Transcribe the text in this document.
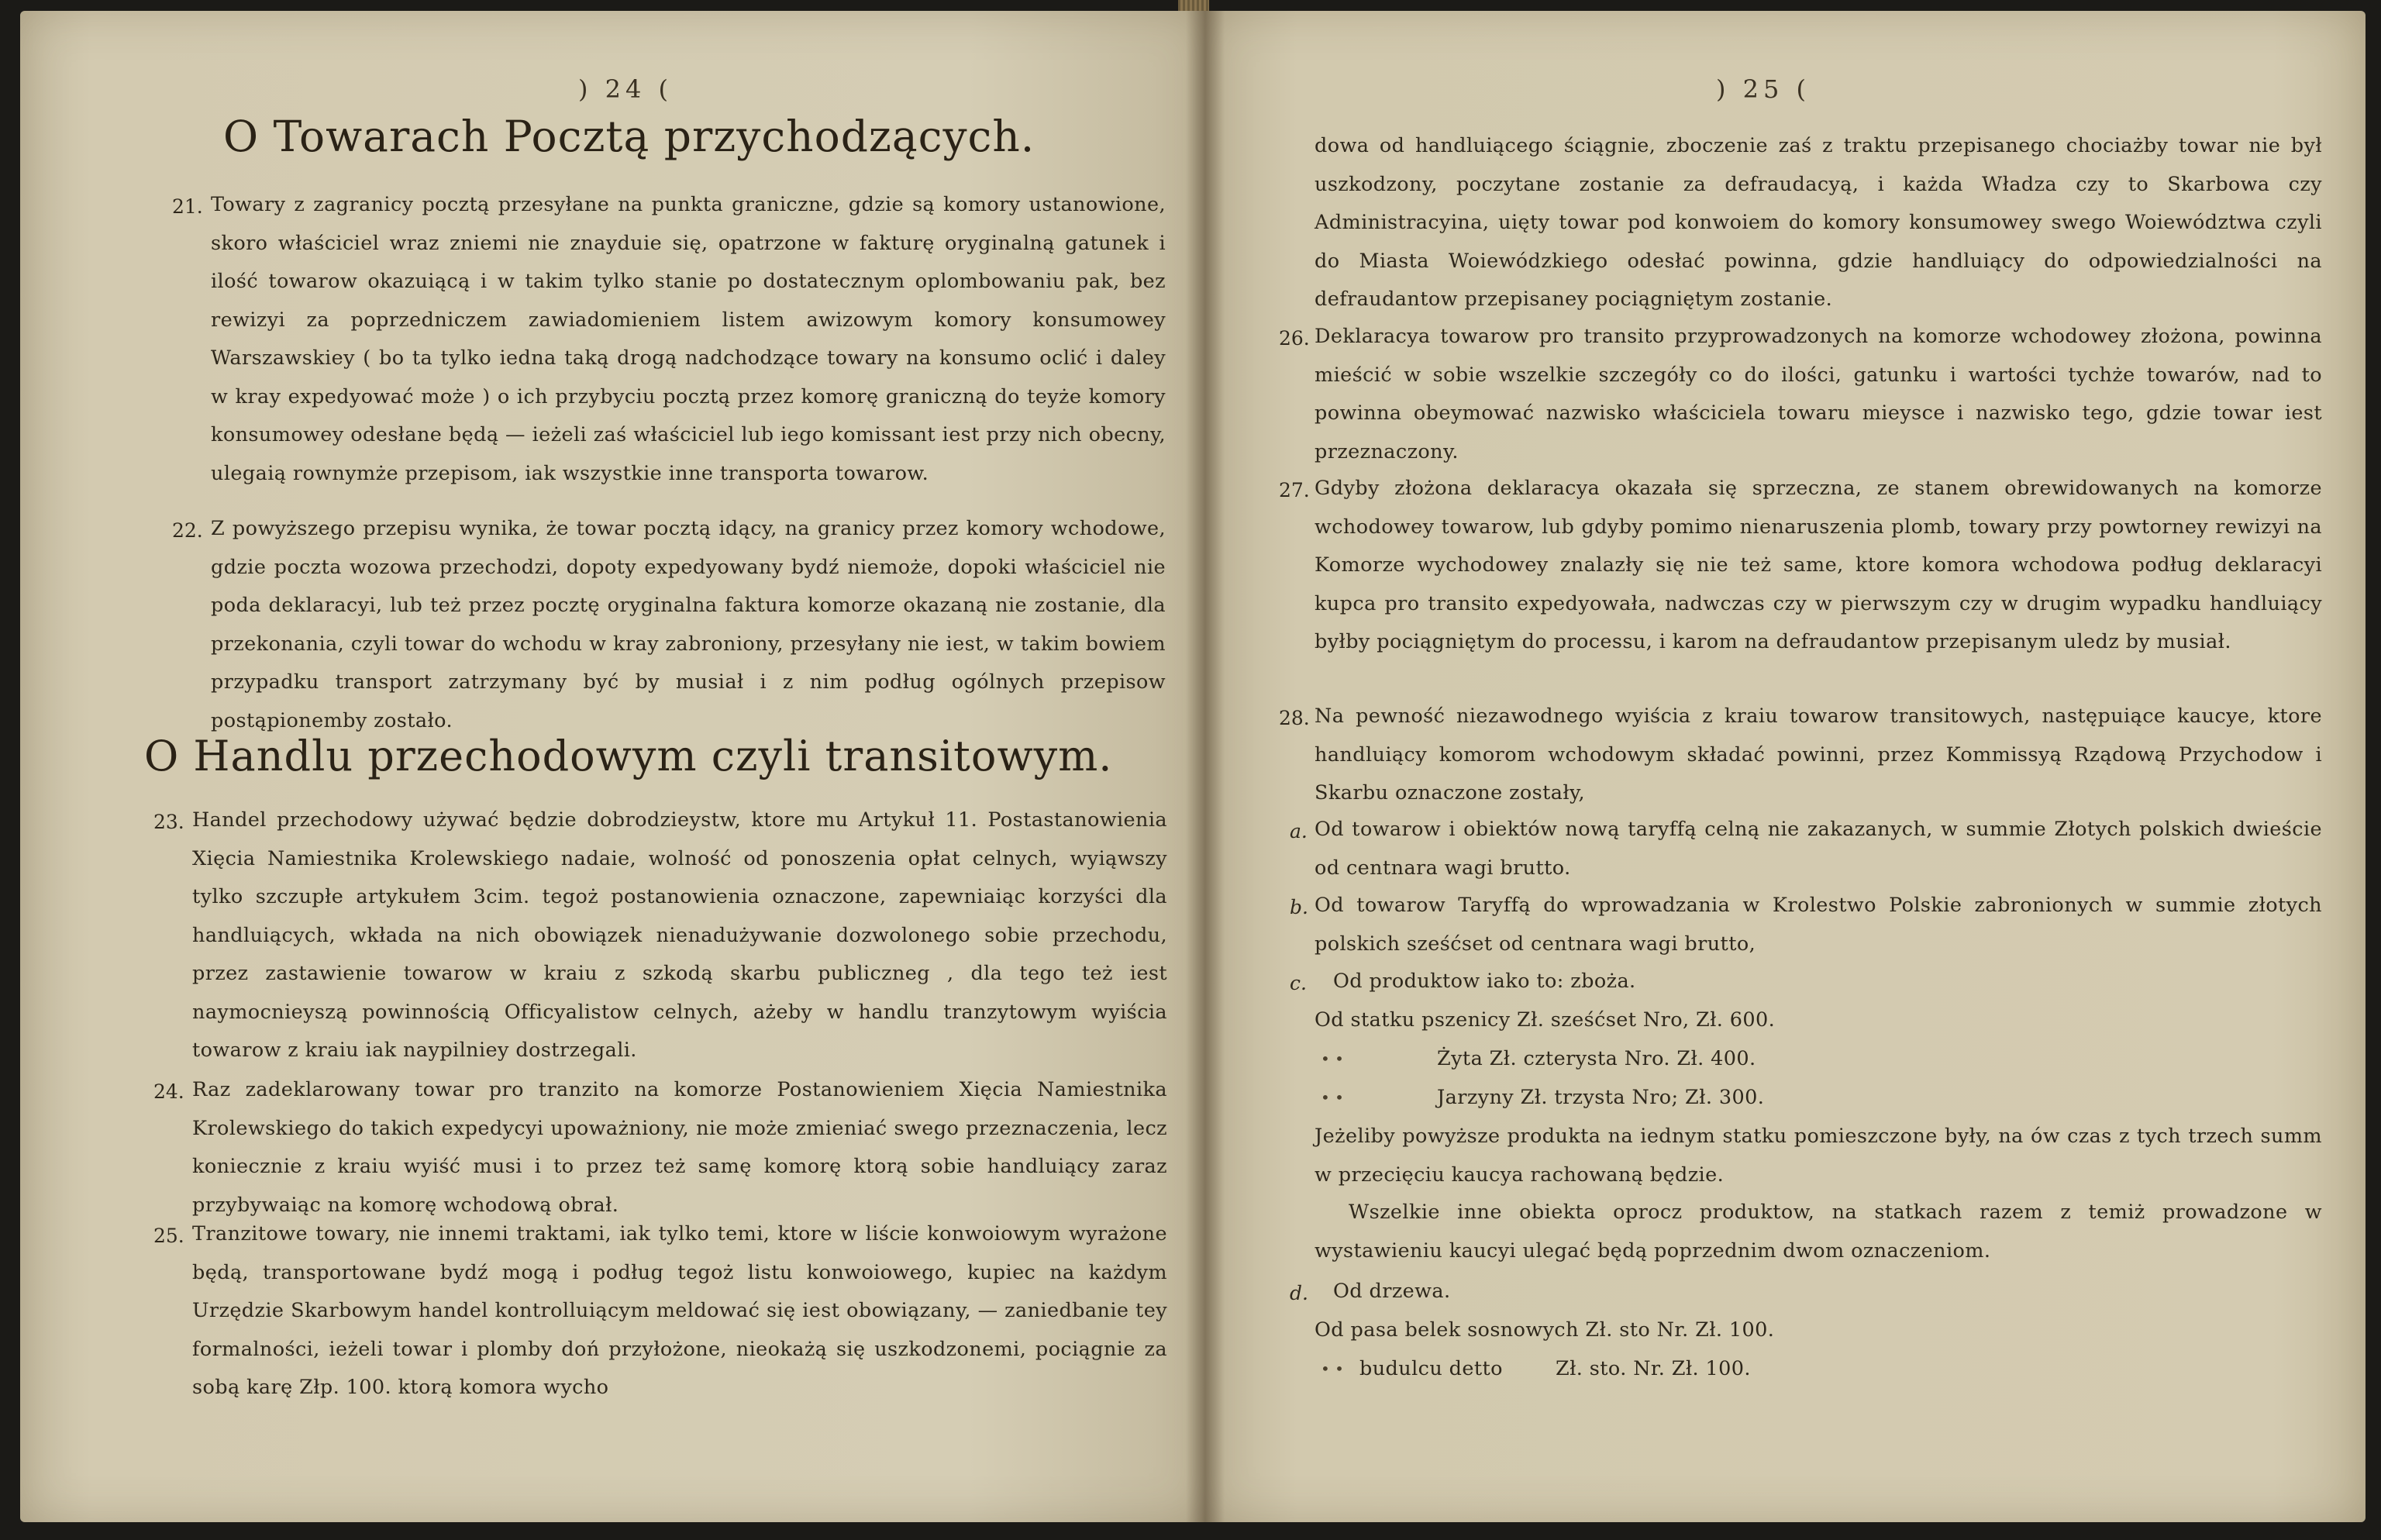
) 24 (
O Towarach Pocztą przychodzących.
21. Towary z zagranicy pocztą przesyłane na punkta graniczne, gdzie są komory ustanowione, skoro właściciel wraz zniemi nie znayduie się, opatrzone w fakturę oryginalną gatunek i ilość towarow okazuiącą i w takim tylko stanie po dostatecznym oplombowaniu pak, bez rewizyi za poprzedniczem zawiadomieniem listem awizowym komory konsumowey Warszawskiey ( bo ta tylko iedna taką drogą nadchodzące towary na konsumo oclić i daley w kray expedyować może ) o ich przybyciu pocztą przez komorę graniczną do teyże komory konsumowey odesłane będą — ieżeli zaś właściciel lub iego komissant iest przy nich obecny, ulegaią rownymże przepisom, iak wszystkie inne transporta towarow.
22. Z powyższego przepisu wynika, że towar pocztą idący, na granicy przez komory wchodowe, gdzie poczta wozowa przechodzi, dopoty expedyowany bydź niemoże, dopoki właściciel nie poda deklaracyi, lub też przez pocztę oryginalna faktura komorze okazaną nie zostanie, dla przekonania, czyli towar do wchodu w kray zabroniony, przesyłany nie iest, w takim bowiem przypadku transport zatrzymany być by musiał i z nim podług ogólnych przepisow postąpionemby zostało.
O Handlu przechodowym czyli transitowym.
23. Handel przechodowy używać będzie dobrodzieystw, ktore mu Artykuł 11. Postastanowienia Xięcia Namiestnika Krolewskiego nadaie, wolność od ponoszenia opłat celnych, wyiąwszy tylko szczupłe artykułem 3cim. tegoż postanowienia oznaczone, zapewniaiąc korzyści dla handluiących, wkłada na nich obowiązek nienadużywanie dozwolonego sobie przechodu, przez zastawienie towarow w kraiu z szkodą skarbu publiczneg , dla tego też iest naymocnieyszą powinnością Officyalistow celnych, ażeby w handlu tranzytowym wyiścia towarow z kraiu iak naypilniey dostrzegali.
24. Raz zadeklarowany towar pro tranzito na komorze Postanowieniem Xięcia Namiestnika Krolewskiego do takich expedycyi upoważniony, nie może zmieniać swego przeznaczenia, lecz koniecznie z kraiu wyiść musi i to przez też samę komorę ktorą sobie handluiący zaraz przybywaiąc na komorę wchodową obrał.
25. Tranzitowe towary, nie innemi traktami, iak tylko temi, ktore w liście konwoiowym wyrażone będą, transportowane bydź mogą i podług tegoż listu konwoiowego, kupiec na każdym Urzędzie Skarbowym handel kontrolluiącym meldować się iest obowiązany, — zaniedbanie tey formalności, ieżeli towar i plomby doń przyłożone, nieokażą się uszkodzonemi, pociągnie za sobą karę Złp. 100. ktorą komora wycho
) 25 (
dowa od handluiącego ściągnie, zboczenie zaś z traktu przepisanego chociażby towar nie był uszkodzony, poczytane zostanie za defraudacyą, i każda Władza czy to Skarbowa czy Administracyina, uięty towar pod konwoiem do komory konsumowey swego Woiewództwa czyli do Miasta Woiewódzkiego odesłać powinna, gdzie handluiący do odpowiedzialności na defraudantow przepisaney pociągniętym zostanie.
26. Deklaracya towarow pro transito przyprowadzonych na komorze wchodowey złożona, powinna mieścić w sobie wszelkie szczegóły co do ilości, gatunku i wartości tychże towarów, nad to powinna obeymować nazwisko właściciela towaru mieysce i nazwisko tego, gdzie towar iest przeznaczony.
27. Gdyby złożona deklaracya okazała się sprzeczna, ze stanem obrewidowanych na komorze wchodowey towarow, lub gdyby pomimo nienaruszenia plomb, towary przy powtorney rewizyi na Komorze wychodowey znalazły się nie też same, ktore komora wchodowa podług deklaracyi kupca pro transito expedyowała, nadwczas czy w pierwszym czy w drugim wypadku handluiący byłby pociągniętym do processu, i karom na defraudantow przepisanym uledz by musiał.
28. Na pewność niezawodnego wyiścia z kraiu towarow transitowych, następuiące kaucye, ktore handluiący komorom wchodowym składać powinni, przez Kommissyą Rządową Przychodow i Skarbu oznaczone zostały,
a. Od towarow i obiektów nową taryffą celną nie zakazanych, w summie Złotych polskich dwieście od centnara wagi brutto.
b. Od towarow Taryffą do wprowadzania w Krolestwo Polskie zabronionych w summie złotych polskich sześćset od centnara wagi brutto,
c. Od produktow iako to: zboża.
Od statku pszenicy Zł. sześćset Nro, Zł. 600.
• •	Żyta Zł. czterysta Nro. Zł. 400.
• •	Jarzyny Zł. trzysta Nro; Zł. 300.
Jeżeliby powyższe produkta na iednym statku pomieszczone były, na ów czas z tych trzech summ w przecięciu kaucya rachowaną będzie.
Wszelkie inne obiekta oprocz produktow, na statkach razem z temiż prowadzone w wystawieniu kaucyi ulegać będą poprzednim dwom oznaczeniom.
d. Od drzewa.
Od pasa belek sosnowych Zł. sto Nr. Zł. 100.
• • budulcu detto        Zł. sto. Nr. Zł. 100.
